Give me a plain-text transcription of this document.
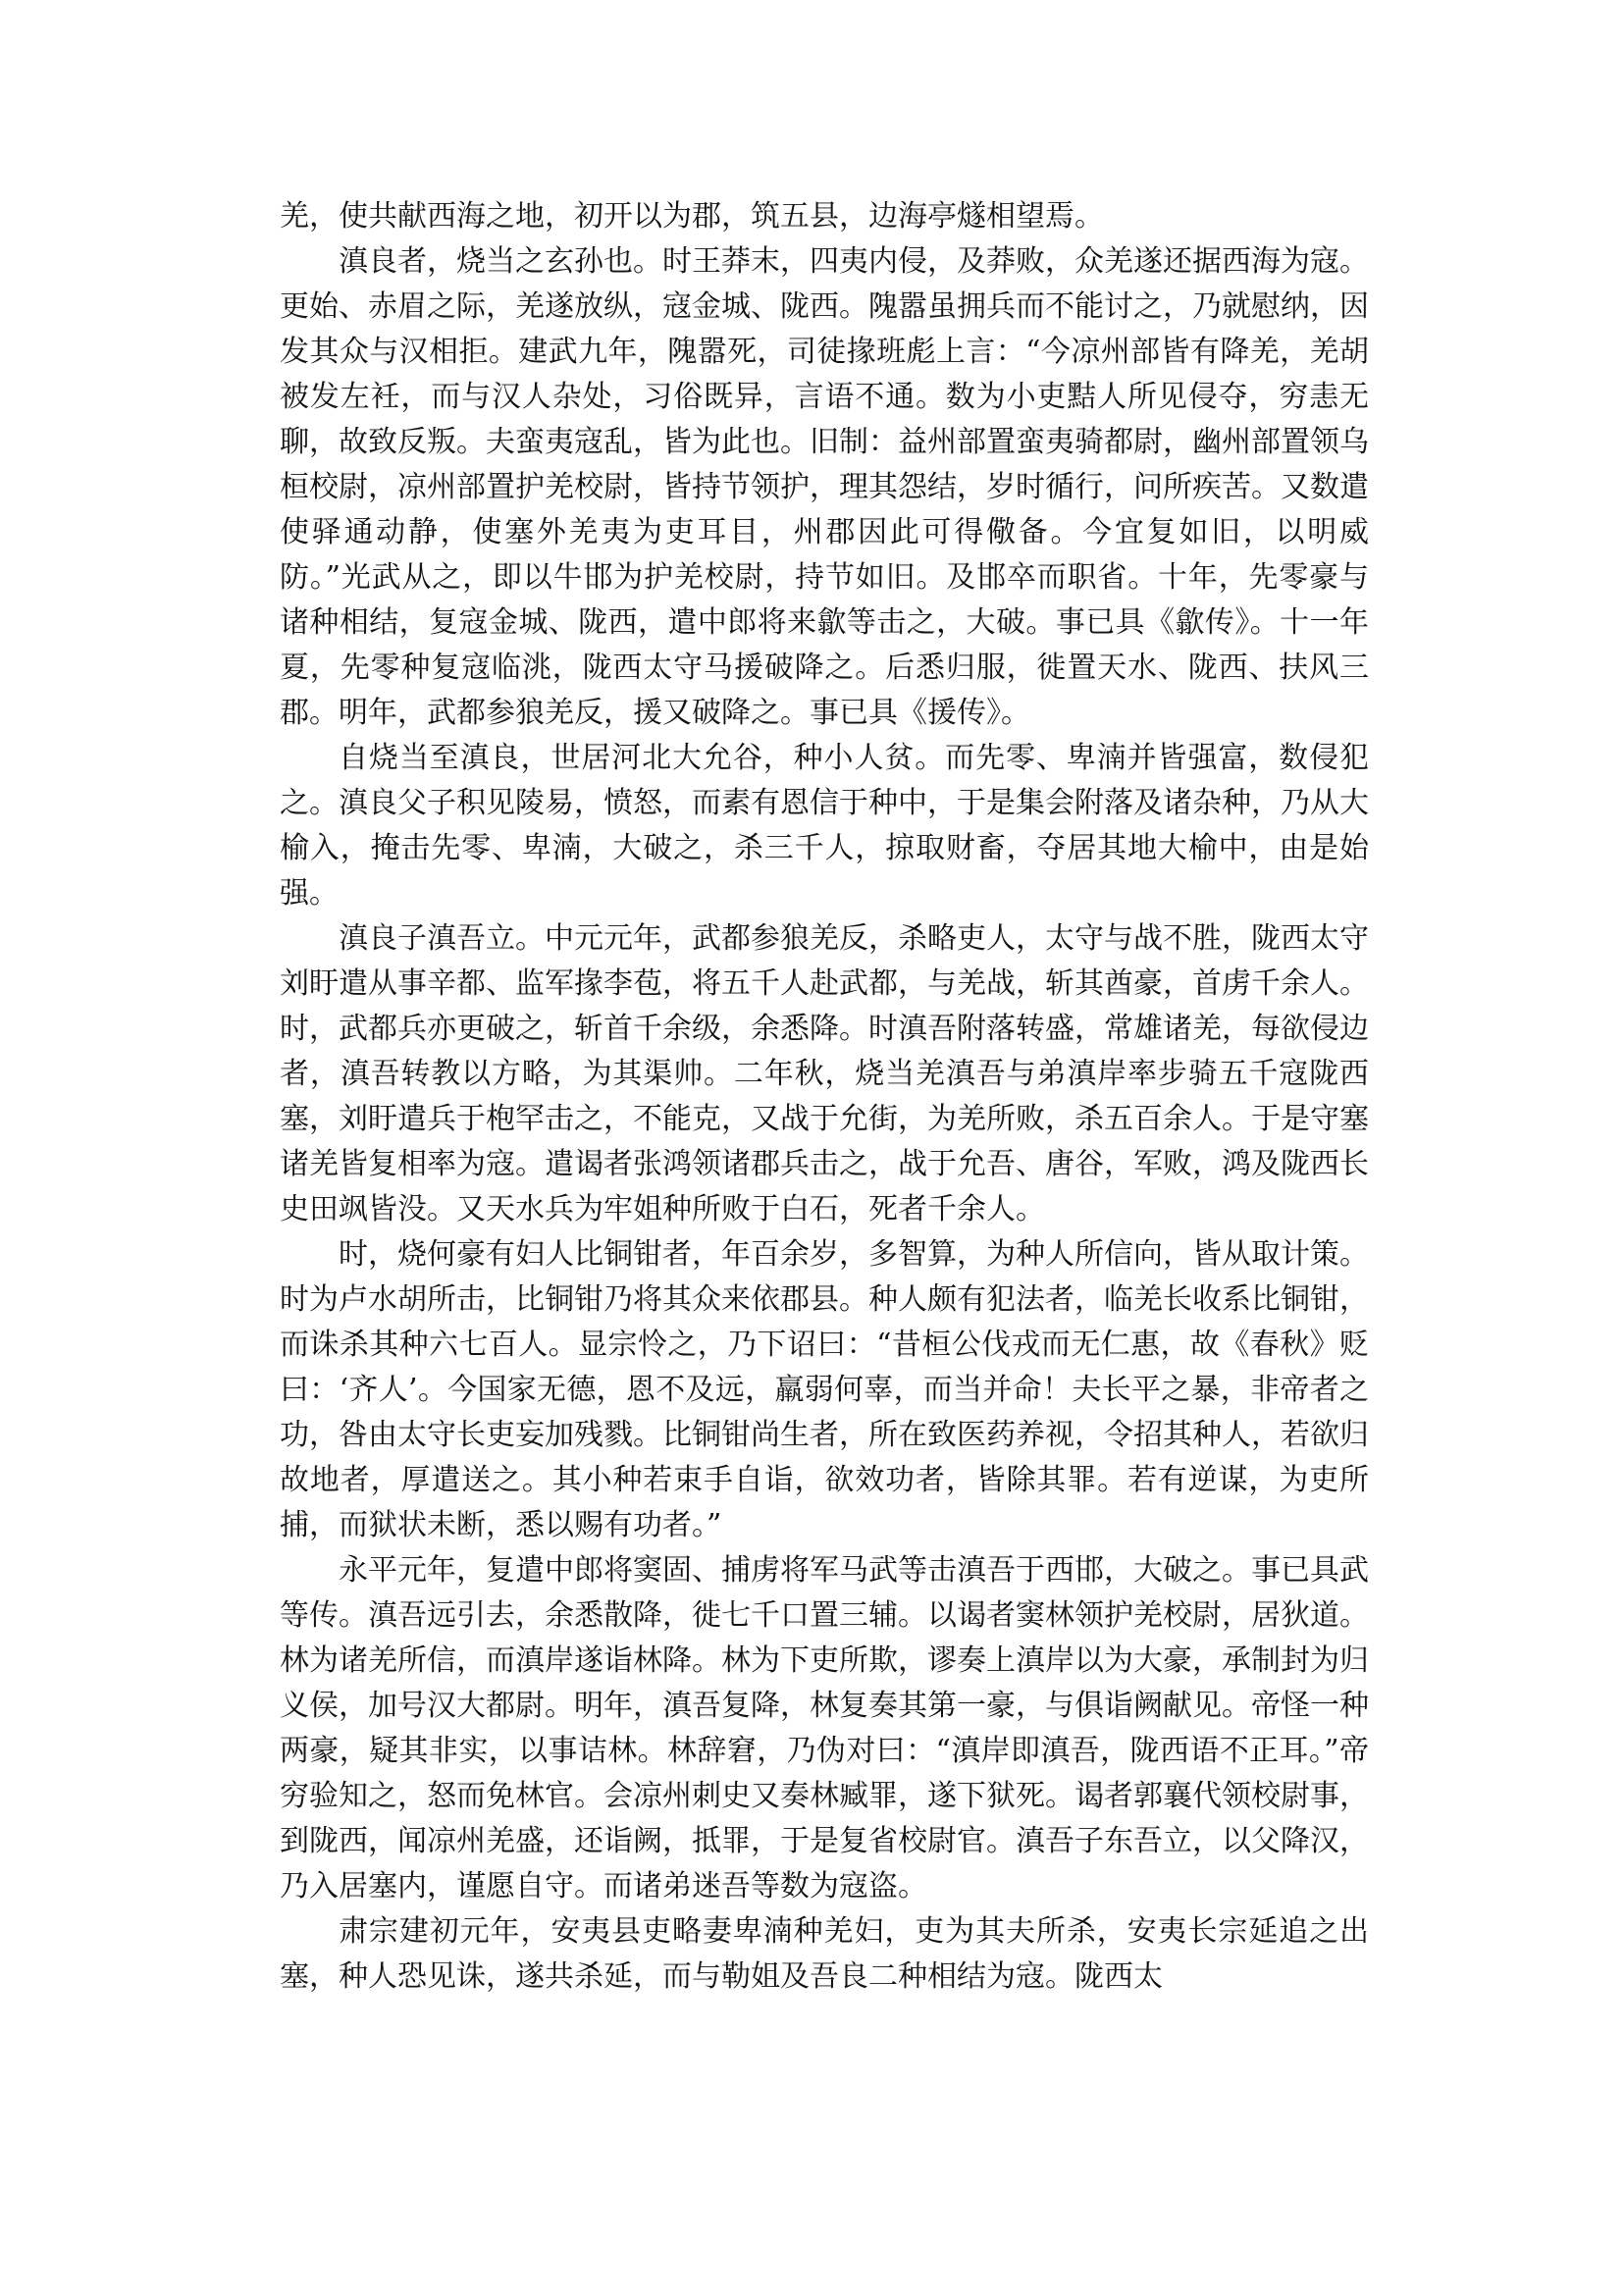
羌，使共献西海之地，初开以为郡，筑五县，边海亭燧相望焉。

滇良者，烧当之玄孙也。时王莽末，四夷内侵，及莽败，众羌遂还据西海为寇。更始、赤眉之际，羌遂放纵，寇金城、陇西。隗嚣虽拥兵而不能讨之，乃就慰纳，因发其众与汉相拒。建武九年，隗嚣死，司徒掾班彪上言：“今凉州部皆有降羌，羌胡被发左衽，而与汉人杂处，习俗既异，言语不通。数为小吏黠人所见侵夺，穷恚无聊，故致反叛。夫蛮夷寇乱，皆为此也。旧制：益州部置蛮夷骑都尉，幽州部置领乌桓校尉，凉州部置护羌校尉，皆持节领护，理其怨结，岁时循行，问所疾苦。又数遣使驿通动静，使塞外羌夷为吏耳目，州郡因此可得儆备。今宜复如旧，以明威防。”光武从之，即以牛邯为护羌校尉，持节如旧。及邯卒而职省。十年，先零豪与诸种相结，复寇金城、陇西，遣中郎将来歙等击之，大破。事已具《歙传》。十一年夏，先零种复寇临洮，陇西太守马援破降之。后悉归服，徙置天水、陇西、扶风三郡。明年，武都参狼羌反，援又破降之。事已具《援传》。

自烧当至滇良，世居河北大允谷，种小人贫。而先零、卑湳并皆强富，数侵犯之。滇良父子积见陵易，愤怒，而素有恩信于种中，于是集会附落及诸杂种，乃从大榆入，掩击先零、卑湳，大破之，杀三千人，掠取财畜，夺居其地大榆中，由是始强。

滇良子滇吾立。中元元年，武都参狼羌反，杀略吏人，太守与战不胜，陇西太守刘盱遣从事辛都、监军掾李苞，将五千人赴武都，与羌战，斩其酋豪，首虏千余人。时，武都兵亦更破之，斩首千余级，余悉降。时滇吾附落转盛，常雄诸羌，每欲侵边者，滇吾转教以方略，为其渠帅。二年秋，烧当羌滇吾与弟滇岸率步骑五千寇陇西塞，刘盱遣兵于枹罕击之，不能克，又战于允街，为羌所败，杀五百余人。于是守塞诸羌皆复相率为寇。遣谒者张鸿领诸郡兵击之，战于允吾、唐谷，军败，鸿及陇西长史田飒皆没。又天水兵为牢姐种所败于白石，死者千余人。

时，烧何豪有妇人比铜钳者，年百余岁，多智算，为种人所信向，皆从取计策。时为卢水胡所击，比铜钳乃将其众来依郡县。种人颇有犯法者，临羌长收系比铜钳，而诛杀其种六七百人。显宗怜之，乃下诏曰：“昔桓公伐戎而无仁惠，故《春秋》贬曰：‘齐人’。今国家无德，恩不及远，羸弱何辜，而当并命！夫长平之暴，非帝者之功，咎由太守长吏妄加残戮。比铜钳尚生者，所在致医药养视，令招其种人，若欲归故地者，厚遣送之。其小种若束手自诣，欲效功者，皆除其罪。若有逆谋，为吏所捕，而狱状未断，悉以赐有功者。”

永平元年，复遣中郎将窦固、捕虏将军马武等击滇吾于西邯，大破之。事已具武等传。滇吾远引去，余悉散降，徙七千口置三辅。以谒者窦林领护羌校尉，居狄道。林为诸羌所信，而滇岸遂诣林降。林为下吏所欺，谬奏上滇岸以为大豪，承制封为归义侯，加号汉大都尉。明年，滇吾复降，林复奏其第一豪，与俱诣阙献见。帝怪一种两豪，疑其非实，以事诘林。林辞窘，乃伪对曰：“滇岸即滇吾，陇西语不正耳。”帝穷验知之，怒而免林官。会凉州刺史又奏林臧罪，遂下狱死。谒者郭襄代领校尉事，到陇西，闻凉州羌盛，还诣阙，抵罪，于是复省校尉官。滇吾子东吾立，以父降汉，乃入居塞内，谨愿自守。而诸弟迷吾等数为寇盗。

肃宗建初元年，安夷县吏略妻卑湳种羌妇，吏为其夫所杀，安夷长宗延追之出塞，种人恐见诛，遂共杀延，而与勒姐及吾良二种相结为寇。陇西太
